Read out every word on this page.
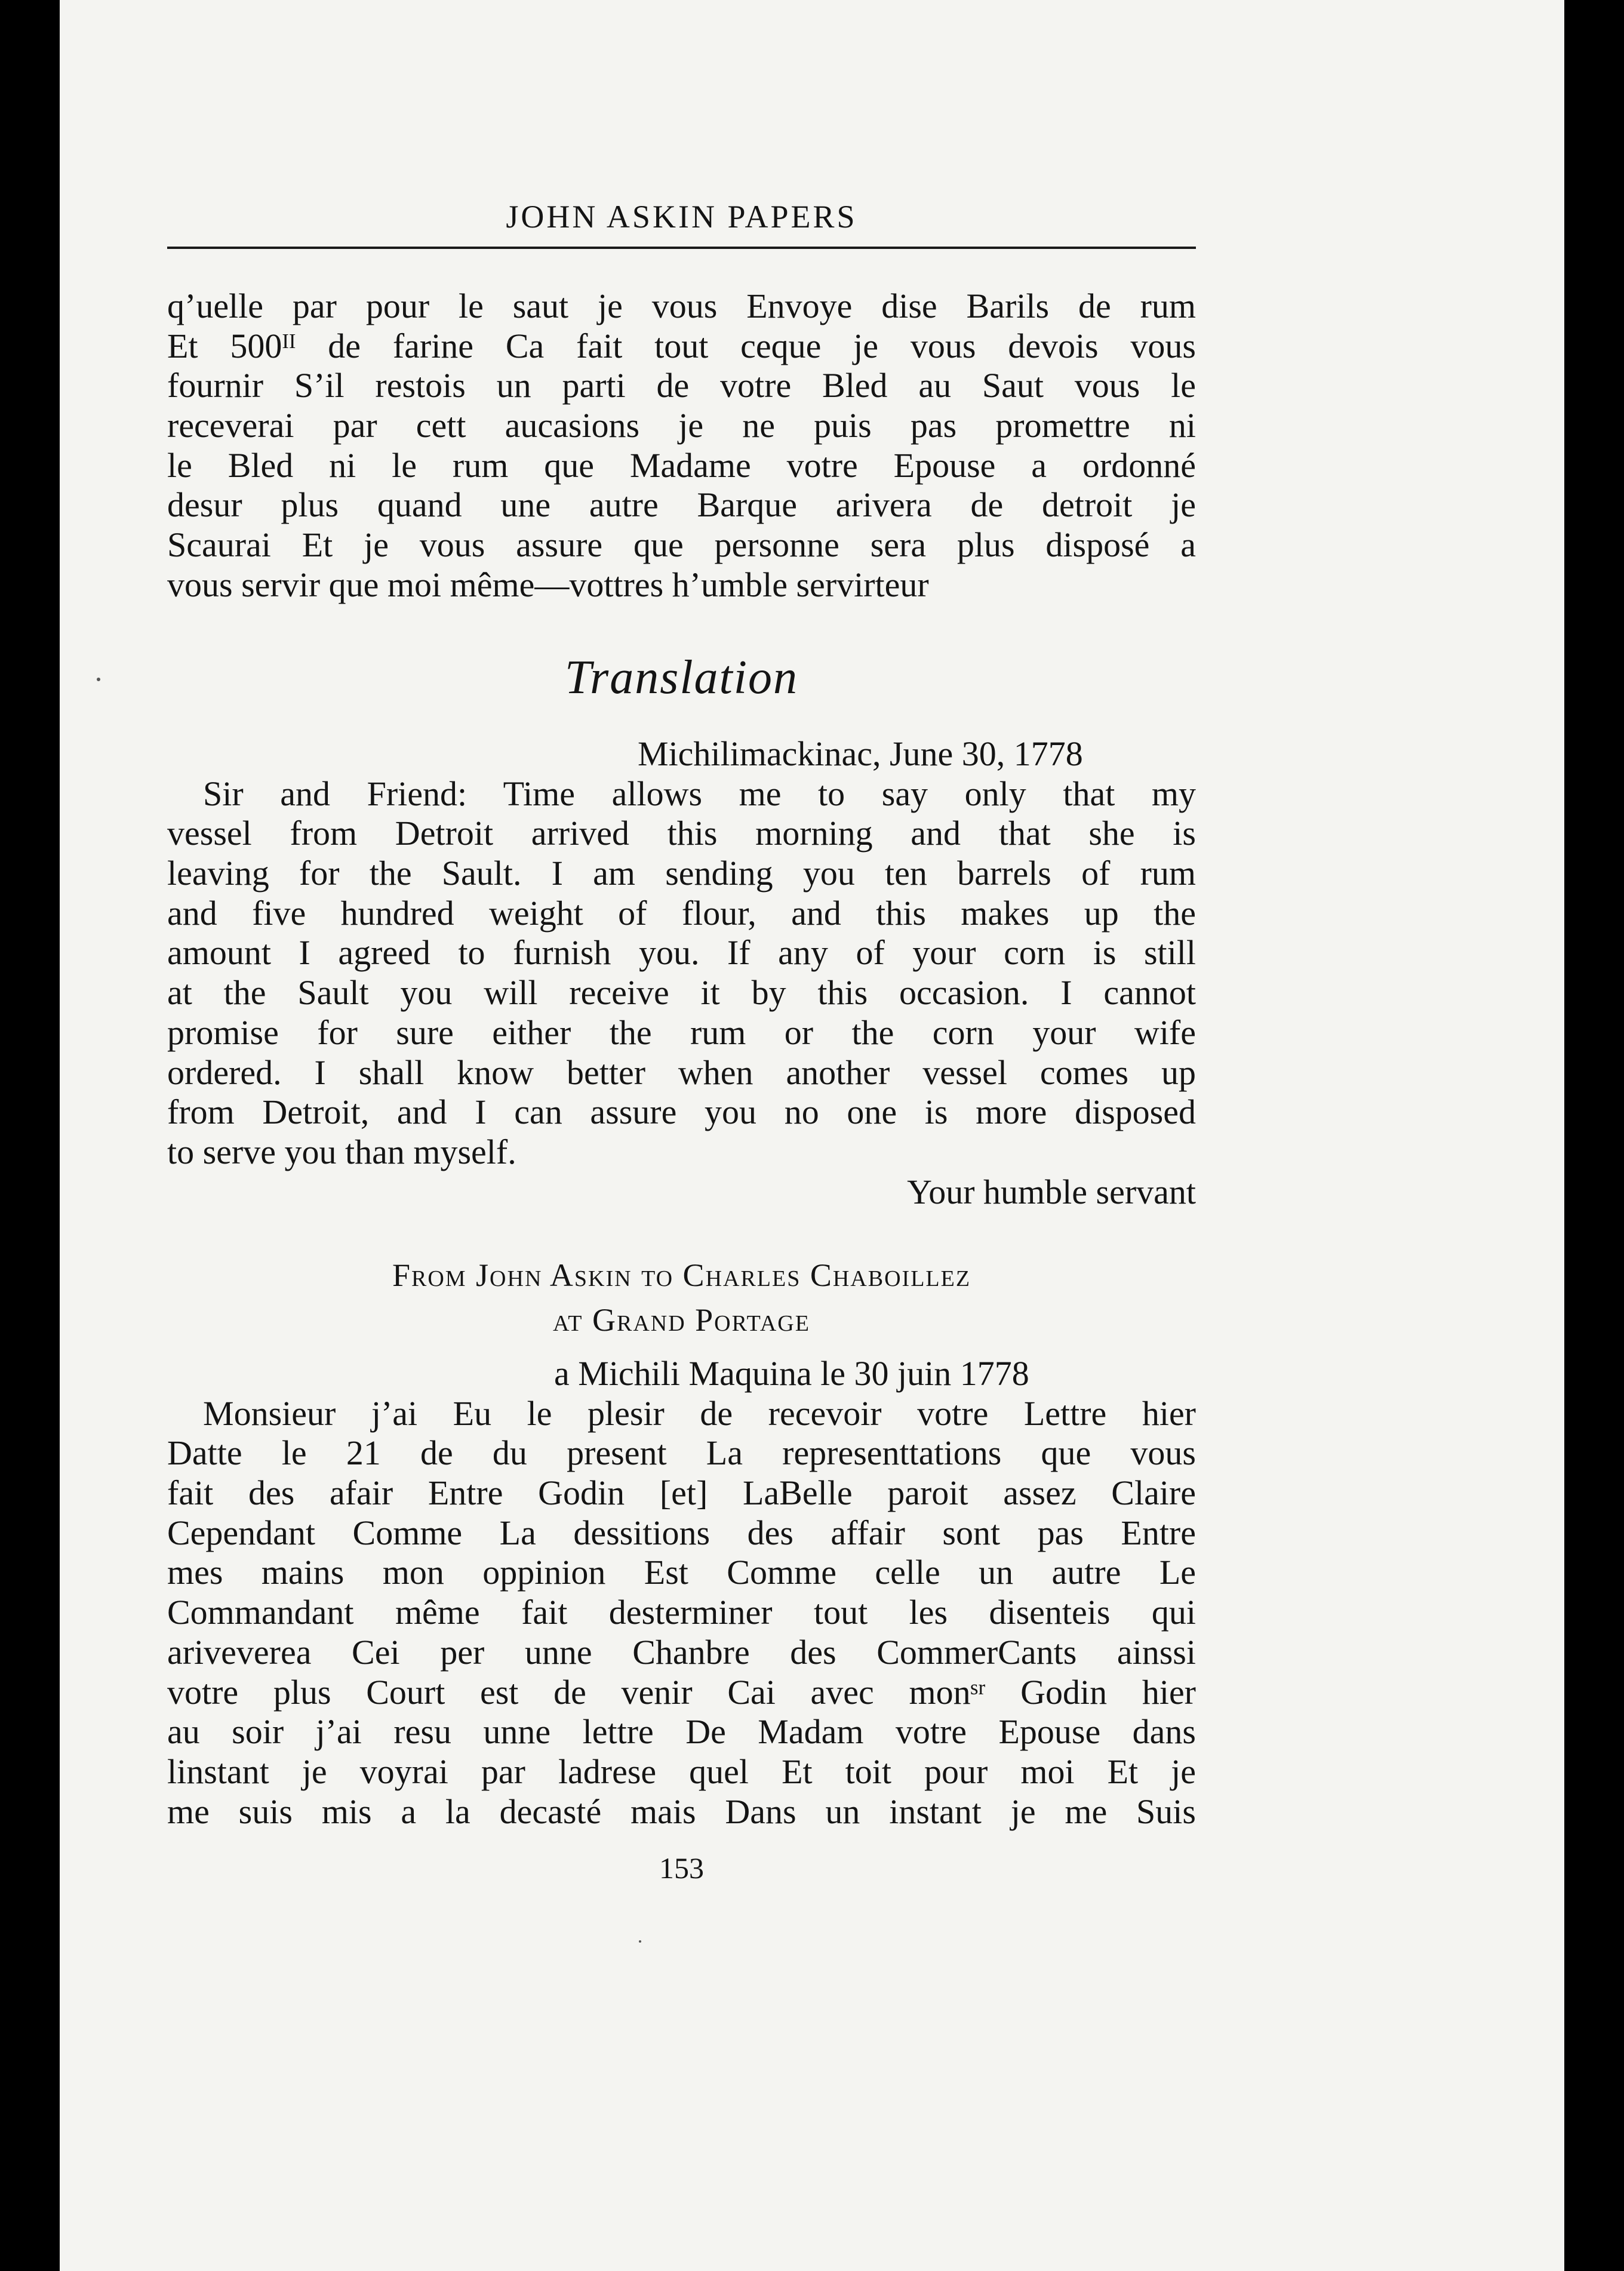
JOHN ASKIN PAPERS
q’uelle par pour le saut je vous Envoye dise Barils de rum
Et 500ᴵᴵ de farine Ca fait tout ceque je vous devois vous
fournir S’il restois un parti de votre Bled au Saut vous le
receverai par cett aucasions je ne puis pas promettre ni
le Bled ni le rum que Madame votre Epouse a ordonné
desur plus quand une autre Barque arivera de detroit je
Scaurai Et je vous assure que personne sera plus disposé a
vous servir que moi même—vottres h’umble servirteur
Translation
Michilimackinac, June 30, 1778
Sir and Friend: Time allows me to say only that my
vessel from Detroit arrived this morning and that she is
leaving for the Sault. I am sending you ten barrels of rum
and five hundred weight of flour, and this makes up the
amount I agreed to furnish you. If any of your corn is still
at the Sault you will receive it by this occasion. I cannot
promise for sure either the rum or the corn your wife
ordered. I shall know better when another vessel comes up
from Detroit, and I can assure you no one is more disposed
to serve you than myself.
Your humble servant
From John Askin to Charles Chaboillez
at Grand Portage
a Michili Maquina le 30 juin 1778
Monsieur j’ai Eu le plesir de recevoir votre Lettre hier
Datte le 21 de du present La representtations que vous
fait des afair Entre Godin [et] LaBelle paroit assez Claire
Cependant Comme La dessitions des affair sont pas Entre
mes mains mon oppinion Est Comme celle un autre Le
Commandant même fait desterminer tout les disenteis qui
ariveverea Cei per unne Chanbre des CommerCants ainssi
votre plus Court est de venir Cai avec monˢʳ Godin hier
au soir j’ai resu unne lettre De Madam votre Epouse dans
linstant je voyrai par ladrese quel Et toit pour moi Et je
me suis mis a la decasté mais Dans un instant je me Suis
153
